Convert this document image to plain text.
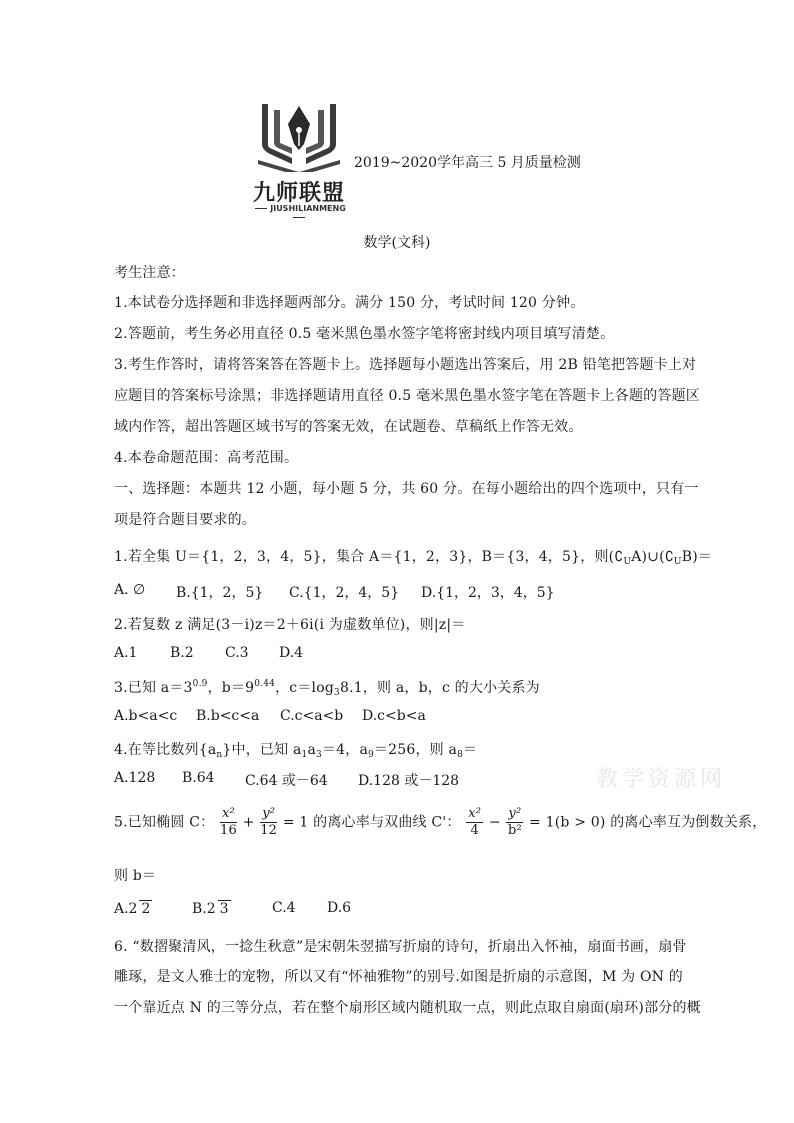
九师联盟
JIUSHILIANMENG
2019~2020学年高三 5 月质量检测
数学(文科)
考生注意：
1.本试卷分选择题和非选择题两部分。满分 150 分，考试时间 120 分钟。
2.答题前，考生务必用直径 0.5 毫米黑色墨水签字笔将密封线内项目填写清楚。
3.考生作答时，请将答案答在答题卡上。选择题每小题选出答案后，用 2B 铅笔把答题卡上对
应题目的答案标号涂黑；非选择题请用直径 0.5 毫米黑色墨水签字笔在答题卡上各题的答题区
域内作答，超出答题区域书写的答案无效，在试题卷、草稿纸上作答无效。
4.本卷命题范围：高考范围。
一、选择题：本题共 12 小题，每小题 5 分，共 60 分。在每小题给出的四个选项中，只有一
项是符合题目要求的。
1.若全集 U＝{1，2，3，4，5}，集合 A＝{1，2，3}，B＝{3，4，5}，则$(∁_UA)\cup(∁_UB)=$
A. ∅ B.{1，2，5} C.{1，2，4，5} D.{1，2，3，4，5}
2.若复数 z 满足(3－i)z＝2＋6i(i 为虚数单位)，则|z|＝
A.1 B.2 C.3 D.4
3.已知 $a=3^{0.9}$，$b=9^{0.44}$，$c=\log_38.1$，则 a，b，c 的大小关系为
A.b<a<c B.b<c<a C.c<a<b D.c<b<a
4.在等比数列$\{a_n\}$中，已知 $a_1a_3=4$，$a_9=256$，则 $a_8=$
A.128 B.64 C.64 或－64 D.128 或－128	教学资源网
5.已知椭圆 C： $\frac{\text{x²}}{16} + \frac{\text{y²}}{12} = 1$ 的离心率与双曲线 C'： $\frac{\text{x²}}{4} - \frac{\text{y²}}{\text{b²}} = 1(b > 0)$ 的离心率互为倒数关系，
则 b＝
A.2 2	B.2 3	C.4 D.6
6. “数摺聚清风，一捻生秋意”是宋朝朱翌描写折扇的诗句，折扇出入怀袖，扇面书画，扇骨
雕琢，是文人雅士的宠物，所以又有“怀袖雅物”的别号.如图是折扇的示意图，M 为 ON 的
一个靠近点 N 的三等分点，若在整个扇形区域内随机取一点，则此点取自扇面(扇环)部分的概
